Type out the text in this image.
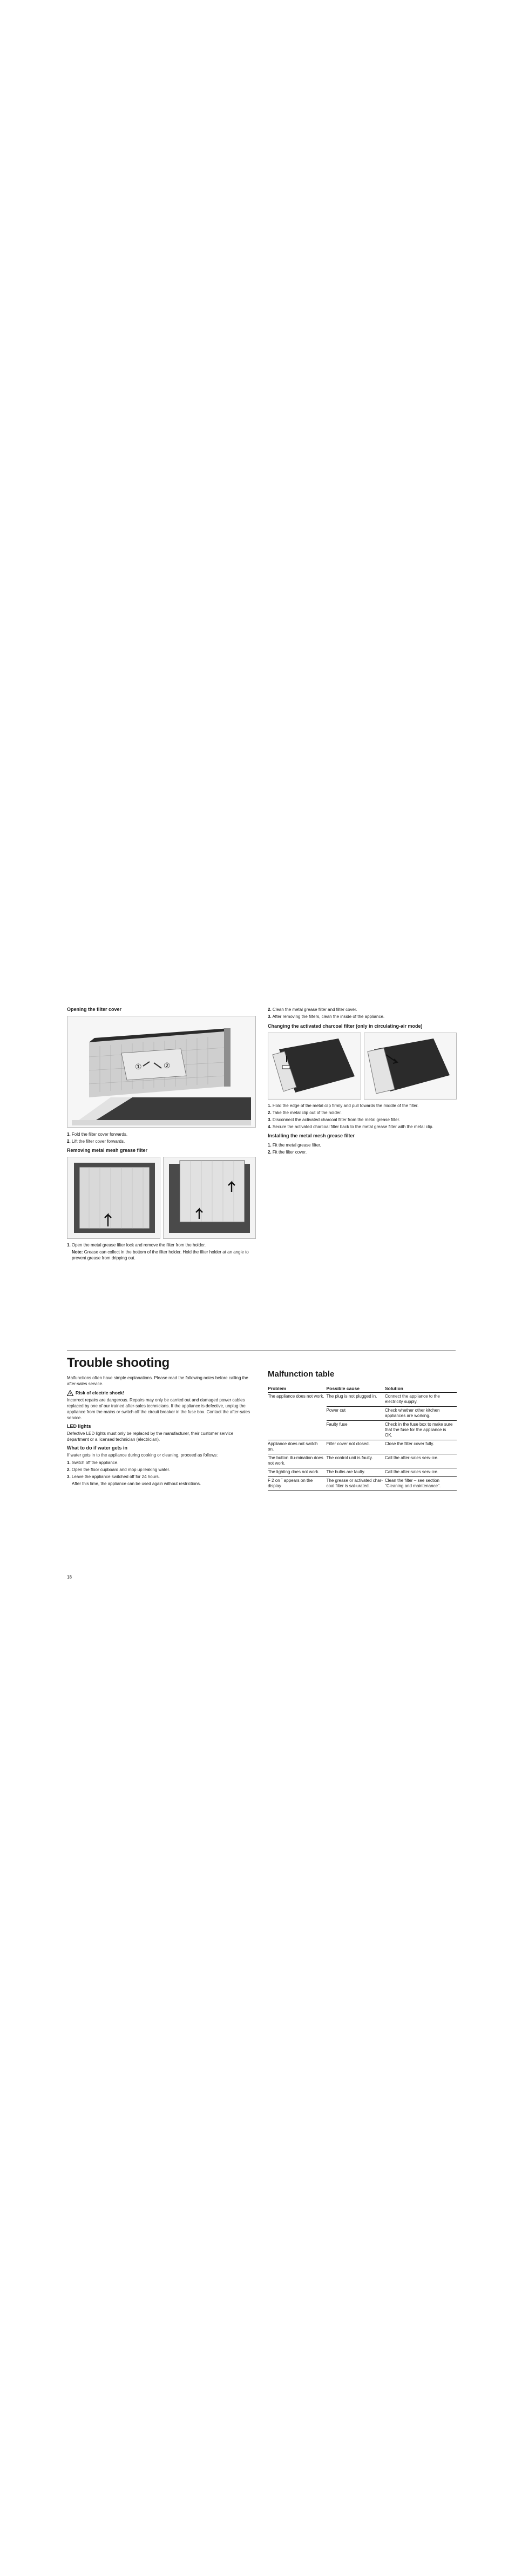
Opening the filter cover
①	②
1. Fold the filter cover forwards.
2. Lift the filter cover forwards.
Removing metal mesh grease filter
1. Open the metal grease filter lock and remove the filter from the holder.
Note: Grease can collect in the bottom of the filter holder. Hold the filter holder at an angle to prevent grease from dripping out.
2. Clean the metal grease filter and filter cover.
3. After removing the filters, clean the inside of the appliance.
Changing the activated charcoal filter (only in circulating-air mode)
1. Hold the edge of the metal clip firmly and pull towards the middle of the filter.
2. Take the metal clip out of the holder.
3. Disconnect the activated charcoal filter from the metal grease filter.
4. Secure the activated charcoal filter back to the metal grease filter with the metal clip.
Installing the metal mesh grease filter
1. Fit the metal grease filter.
2. Fit the filter cover.
Trouble shooting

Malfunctions often have simple explanations. Please read the following notes before calling the after-sales service.

Risk of electric shock!

Incorrect repairs are dangerous. Repairs may only be carried out and damaged power cables replaced by one of our trained after-sales technicians. If the appliance is defective, unplug the appliance from the mains or switch off the circuit breaker in the fuse box. Contact the after-sales service.

LED lights

Defective LED lights must only be replaced by the manufacturer, their customer service department or a licensed technician (electrician).

What to do if water gets in

If water gets in to the appliance during cooking or cleaning, proceed as follows:

1. Switch off the appliance.
2. Open the floor cupboard and mop up leaking water.
3. Leave the appliance switched off for 24 hours.

After this time, the appliance can be used again without restrictions.

Malfunction table
Problem	Possible cause	Solution
The appliance does not work.	The plug is not plugged in.	Connect the appliance to the electricity supply.
	Power cut	Check whether other kitchen appliances are working.
	Faulty fuse	Check in the fuse box to make sure that the fuse for the appliance is OK.
Appliance does not switch on.	Filter cover not closed.	Close the filter cover fully.
The button illu-mination does not work.	The control unit is faulty.	Call the after-sales serv-ice.
The lighting does not work.	The bulbs are faulty.	Call the after-sales serv-ice.
F 2 on ˘ appears on the display	The grease or activated char-coal filter is sat-urated.	Clean the filter – see section "Cleaning and maintenance".
18
